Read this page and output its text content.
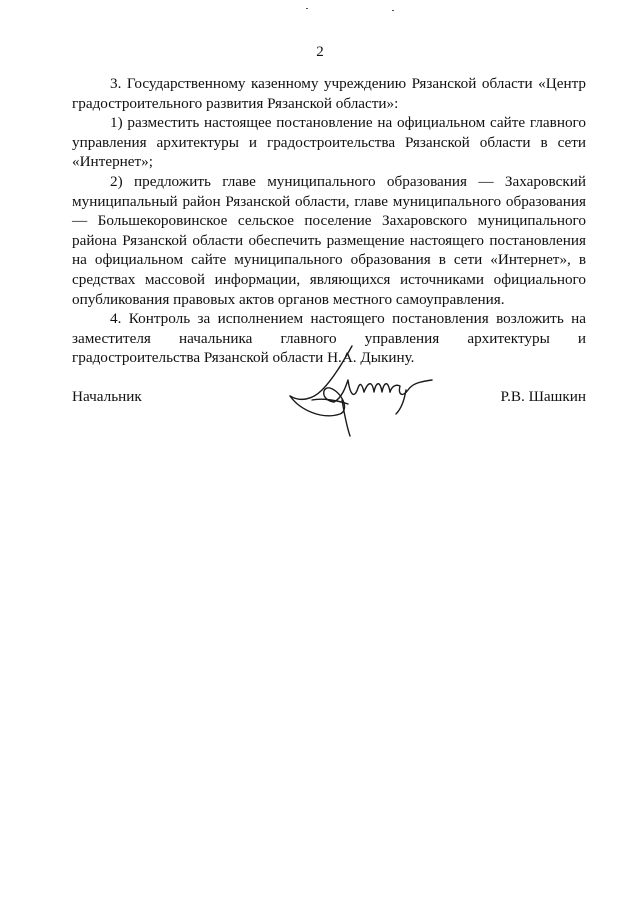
2

3. Государственному казенному учреждению Рязанской области «Центр градостроительного развития Рязанской области»:

1) разместить настоящее постановление на официальном сайте главного управления архитектуры и градостроительства Рязанской области в сети «Интернет»;

2) предложить главе муниципального образования — Захаровский муниципальный район Рязанской области, главе муниципального образования — Большекоровинское сельское поселение Захаровского муниципального района Рязанской области обеспечить размещение настоящего постановления на официальном сайте муниципального образования в сети «Интернет», в средствах массовой информации, являющихся источниками официального опубликования правовых актов органов местного самоуправления.

4. Контроль за исполнением настоящего постановления возложить на заместителя начальника главного управления архитектуры и градостроительства Рязанской области Н.А. Дыкину.

Начальник	Р.В. Шашкин
